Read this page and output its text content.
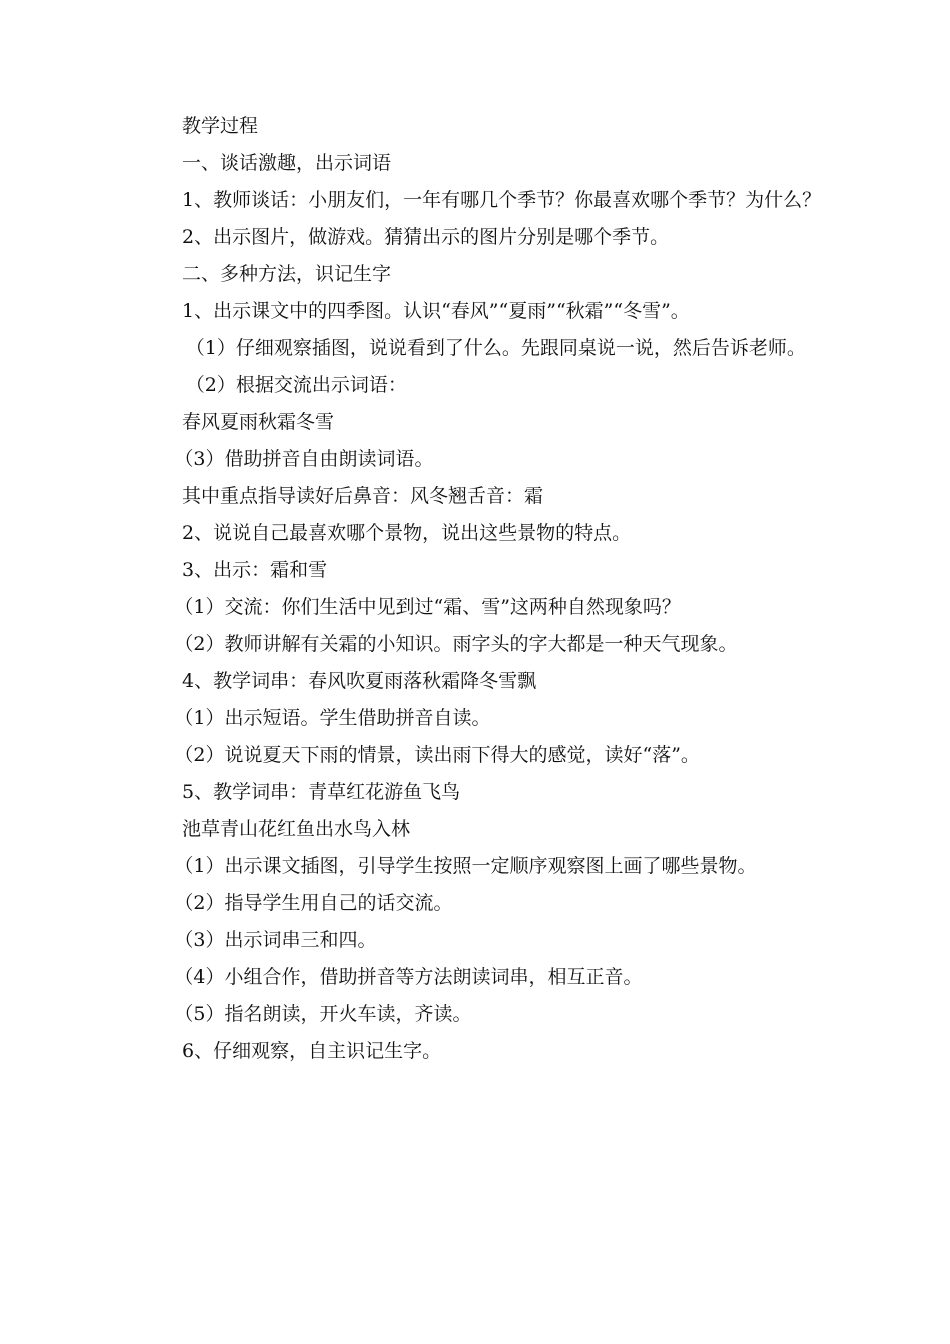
教学过程

一、谈话激趣，出示词语

1、教师谈话：小朋友们，一年有哪几个季节？你最喜欢哪个季节？为什么？

2、出示图片，做游戏。猜猜出示的图片分别是哪个季节。

二、多种方法，识记生字

1、出示课文中的四季图。认识“春风”“夏雨”“秋霜”“冬雪”。

（1）仔细观察插图，说说看到了什么。先跟同桌说一说，然后告诉老师。

（2）根据交流出示词语：

春风夏雨秋霜冬雪

（3）借助拼音自由朗读词语。

其中重点指导读好后鼻音：风冬翘舌音：霜

2、说说自己最喜欢哪个景物，说出这些景物的特点。

3、出示：霜和雪

（1）交流：你们生活中见到过“霜、雪”这两种自然现象吗？

（2）教师讲解有关霜的小知识。雨字头的字大都是一种天气现象。

4、教学词串：春风吹夏雨落秋霜降冬雪飘

（1）出示短语。学生借助拼音自读。

（2）说说夏天下雨的情景，读出雨下得大的感觉，读好“落”。

5、教学词串：青草红花游鱼飞鸟

池草青山花红鱼出水鸟入林

（1）出示课文插图，引导学生按照一定顺序观察图上画了哪些景物。

（2）指导学生用自己的话交流。

（3）出示词串三和四。

（4）小组合作，借助拼音等方法朗读词串，相互正音。

（5）指名朗读，开火车读，齐读。

6、仔细观察，自主识记生字。
